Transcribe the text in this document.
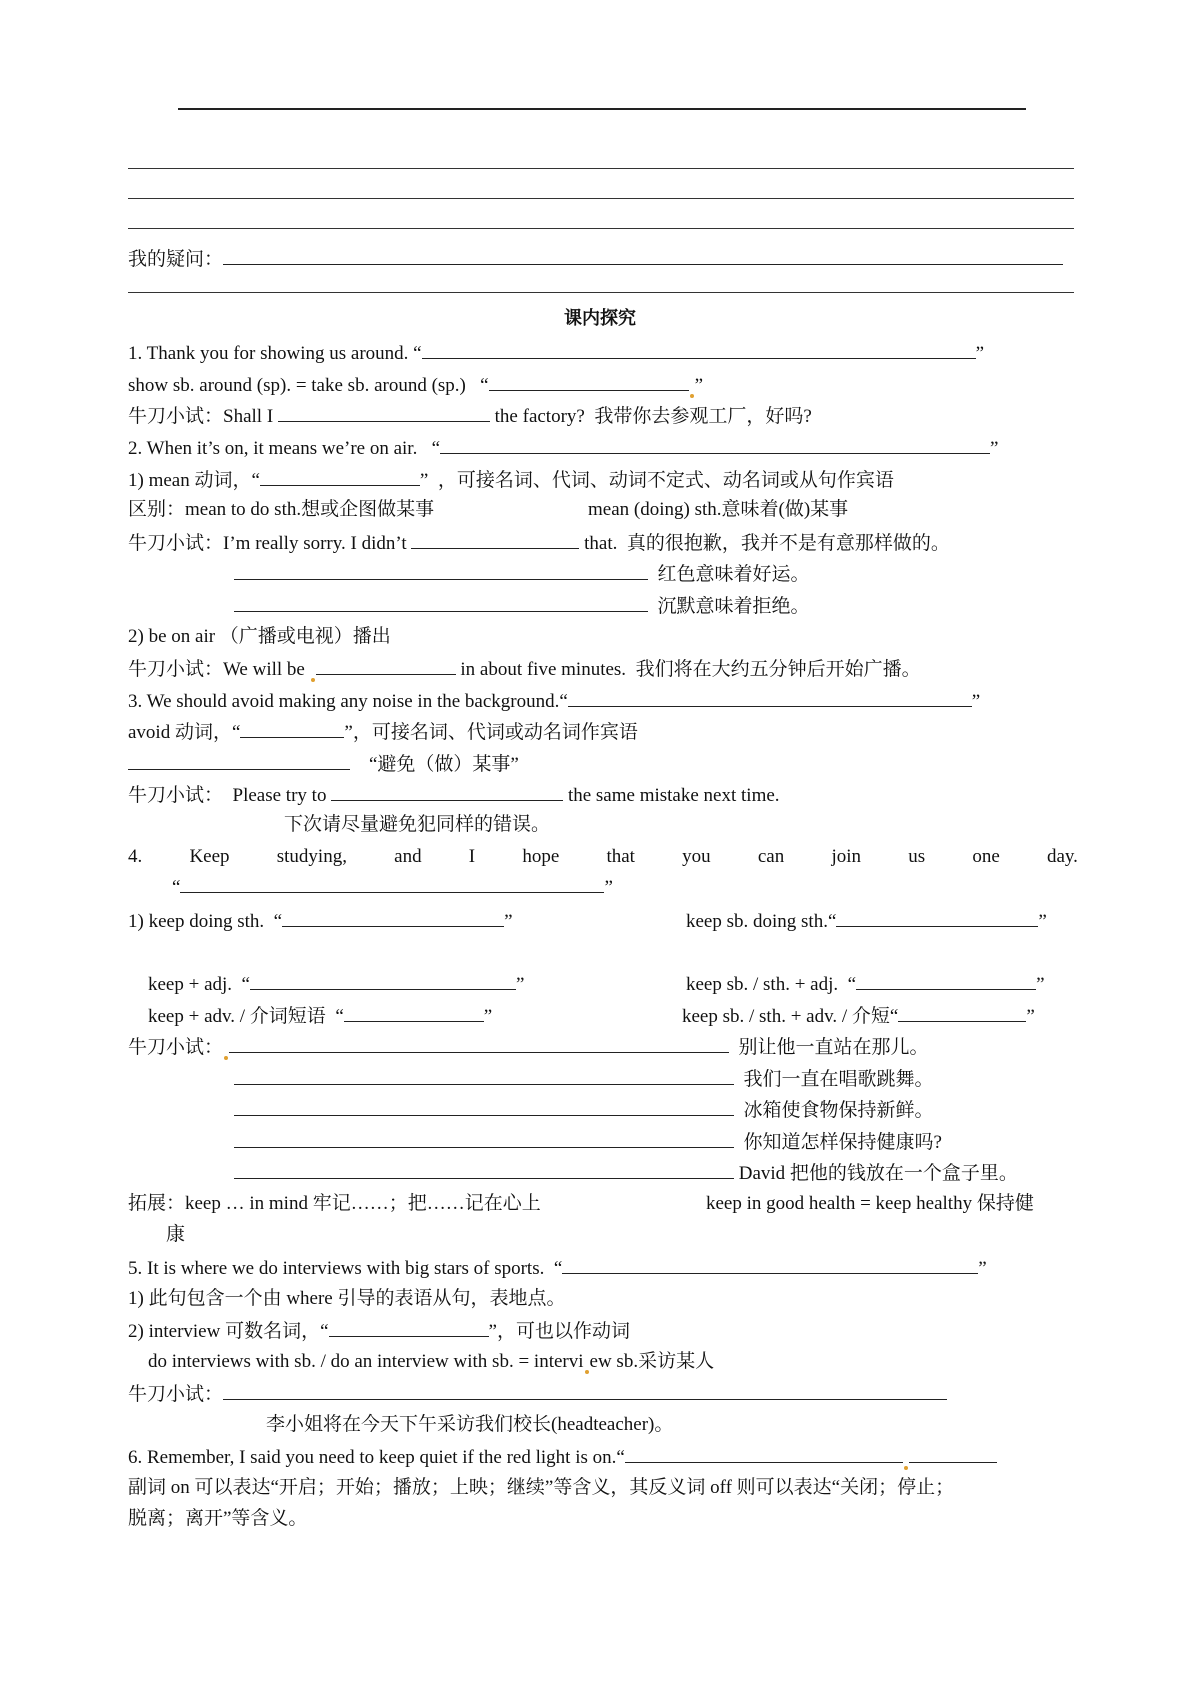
我的疑问：
课内探究
1. Thank you for showing us around. “	”
show sb. around (sp). = take sb. around (sp.) “	”
牛刀小试：Shall I	the factory? 我带你去参观工厂，好吗?
2. When it’s on, it means we’re on air. “	”
1) mean 动词，“	” ，可接名词、代词、动词不定式、动名词或从句作宾语
区别：mean to do sth.想或企图做某事	mean (doing) sth.意味着(做)某事
牛刀小试：I’m really sorry. I didn’t	that. 真的很抱歉，我并不是有意那样做的。
红色意味着好运。
沉默意味着拒绝。
2) be on air （广播或电视）播出
牛刀小试：We will be	in about five minutes. 我们将在大约五分钟后开始广播。
3. We should avoid making any noise in the background.“	”
avoid 动词，“	”，可接名词、代词或动名词作宾语
“避免（做）某事”
牛刀小试： Please try to	the same mistake next time.
下次请尽量避免犯同样的错误。
4. Keep studying, and I hope that you can join us one day.
“	”
1) keep doing sth. “	”	keep sb. doing sth.“	”
keep + adj. “	”	keep sb. / sth. + adj. “	”
keep + adv. / 介词短语 “	”	keep sb. / sth. + adv. / 介短“	”
牛刀小试：	别让他一直站在那儿。
我们一直在唱歌跳舞。
冰箱使食物保持新鲜。
你知道怎样保持健康吗?
David 把他的钱放在一个盒子里。
拓展：keep … in mind 牢记……；把……记在心上	keep in good health = keep healthy 保持健
康
5. It is where we do interviews with big stars of sports. “	”
1) 此句包含一个由 where 引导的表语从句，表地点。
2) interview 可数名词，“	”，可也以作动词
do interviews with sb. / do an interview with sb. = intervi ew sb.采访某人
牛刀小试：
李小姐将在今天下午采访我们校长(headteacher)。
6. Remember, I said you need to keep quiet if the red light is on.“
副词 on 可以表达“开启；开始；播放；上映；继续”等含义，其反义词 off 则可以表达“关闭；停止；
脱离；离开”等含义。
